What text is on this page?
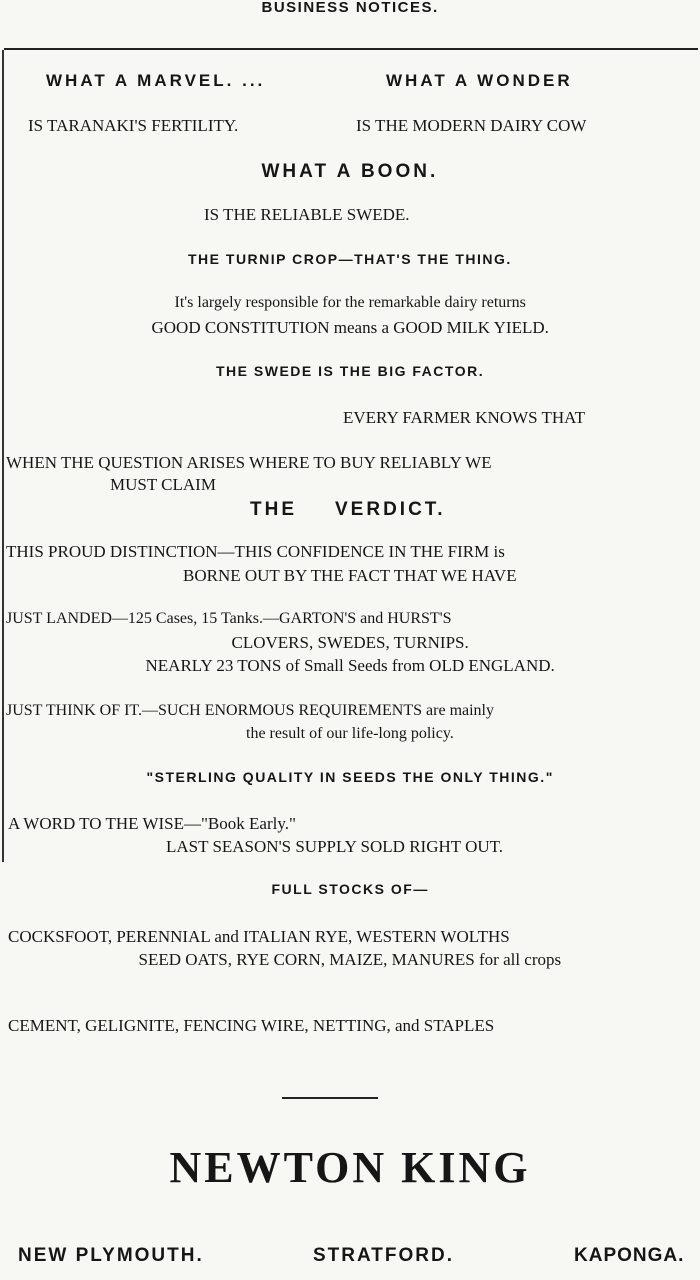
BUSINESS NOTICES.
WHAT A MARVEL. ...	WHAT A WONDER
IS TARANAKI'S FERTILITY.	IS THE MODERN DAIRY COW
WHAT A BOON.
IS THE RELIABLE SWEDE.
THE TURNIP CROP—THAT'S THE THING.
It's largely responsible for the remarkable dairy returns
GOOD CONSTITUTION means a GOOD MILK YIELD.
THE SWEDE IS THE BIG FACTOR.
EVERY FARMER KNOWS THAT
WHEN THE QUESTION ARISES WHERE TO BUY RELIABLY WE
MUST CLAIM
THE VERDICT.
THIS PROUD DISTINCTION—THIS CONFIDENCE IN THE FIRM is
BORNE OUT BY THE FACT THAT WE HAVE
JUST LANDED—125 Cases, 15 Tanks.—GARTON'S and HURST'S
CLOVERS, SWEDES, TURNIPS.
NEARLY 23 TONS of Small Seeds from OLD ENGLAND.
JUST THINK OF IT.—SUCH ENORMOUS REQUIREMENTS are mainly
the result of our life-long policy.
"STERLING QUALITY IN SEEDS THE ONLY THING."
A WORD TO THE WISE—"Book Early."
LAST SEASON'S SUPPLY SOLD RIGHT OUT.
FULL STOCKS OF—
COCKSFOOT, PERENNIAL and ITALIAN RYE, WESTERN WOLTHS
SEED OATS, RYE CORN, MAIZE, MANURES for all crops
CEMENT, GELIGNITE, FENCING WIRE, NETTING, and STAPLES
NEWTON KING
NEW PLYMOUTH.	STRATFORD.	KAPONGA.
